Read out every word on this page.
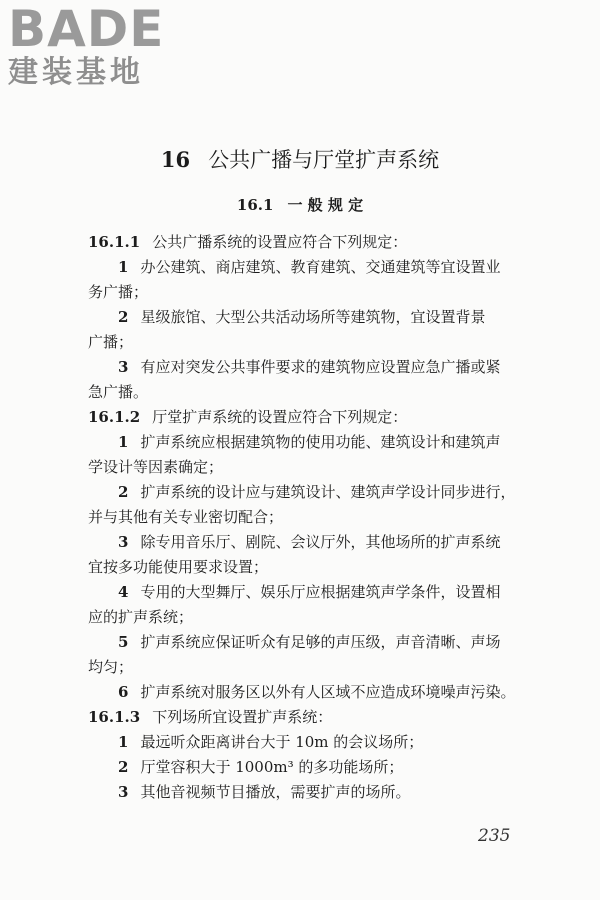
BADE
建装基地
16 公共广播与厅堂扩声系统
16.1 一 般 规 定
16.1.1 公共广播系统的设置应符合下列规定：
1 办公建筑、商店建筑、教育建筑、交通建筑等宜设置业
务广播；
2 星级旅馆、大型公共活动场所等建筑物，宜设置背景
广播；
3 有应对突发公共事件要求的建筑物应设置应急广播或紧
急广播。
16.1.2 厅堂扩声系统的设置应符合下列规定：
1 扩声系统应根据建筑物的使用功能、建筑设计和建筑声
学设计等因素确定；
2 扩声系统的设计应与建筑设计、建筑声学设计同步进行，
并与其他有关专业密切配合；
3 除专用音乐厅、剧院、会议厅外，其他场所的扩声系统
宜按多功能使用要求设置；
4 专用的大型舞厅、娱乐厅应根据建筑声学条件，设置相
应的扩声系统；
5 扩声系统应保证听众有足够的声压级，声音清晰、声场
均匀；
6 扩声系统对服务区以外有人区域不应造成环境噪声污染。
16.1.3 下列场所宜设置扩声系统：
1 最远听众距离讲台大于 10m 的会议场所；
2 厅堂容积大于 1000m³ 的多功能场所；
3 其他音视频节目播放，需要扩声的场所。
235
